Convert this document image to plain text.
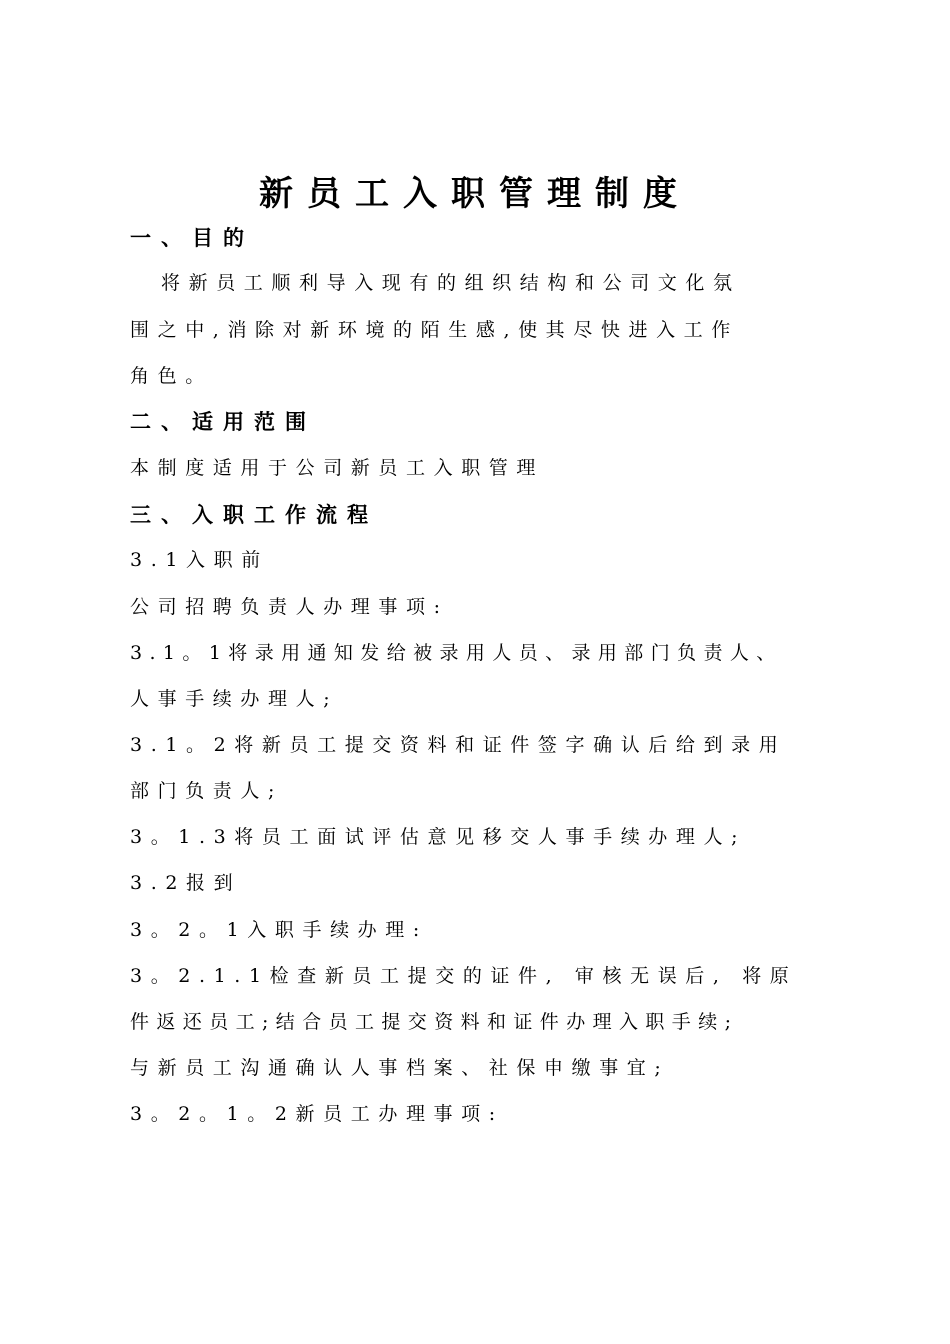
新员工入职管理制度
一、目的
将新员工顺利导入现有的组织结构和公司文化氛
围之中,消除对新环境的陌生感,使其尽快进入工作
角色。
二、适用范围
本制度适用于公司新员工入职管理
三、入职工作流程
3.1入职前
公司招聘负责人办理事项:
3.1。1将录用通知发给被录用人员、录用部门负责人、
人事手续办理人;
3.1。2将新员工提交资料和证件签字确认后给到录用
部门负责人;
3。1.3将员工面试评估意见移交人事手续办理人;
3.2报到
3。2。1入职手续办理:
3。2.1.1检查新员工提交的证件, 审核无误后, 将原
件返还员工;结合员工提交资料和证件办理入职手续;
与新员工沟通确认人事档案、社保申缴事宜;
3。2。1。2新员工办理事项:
